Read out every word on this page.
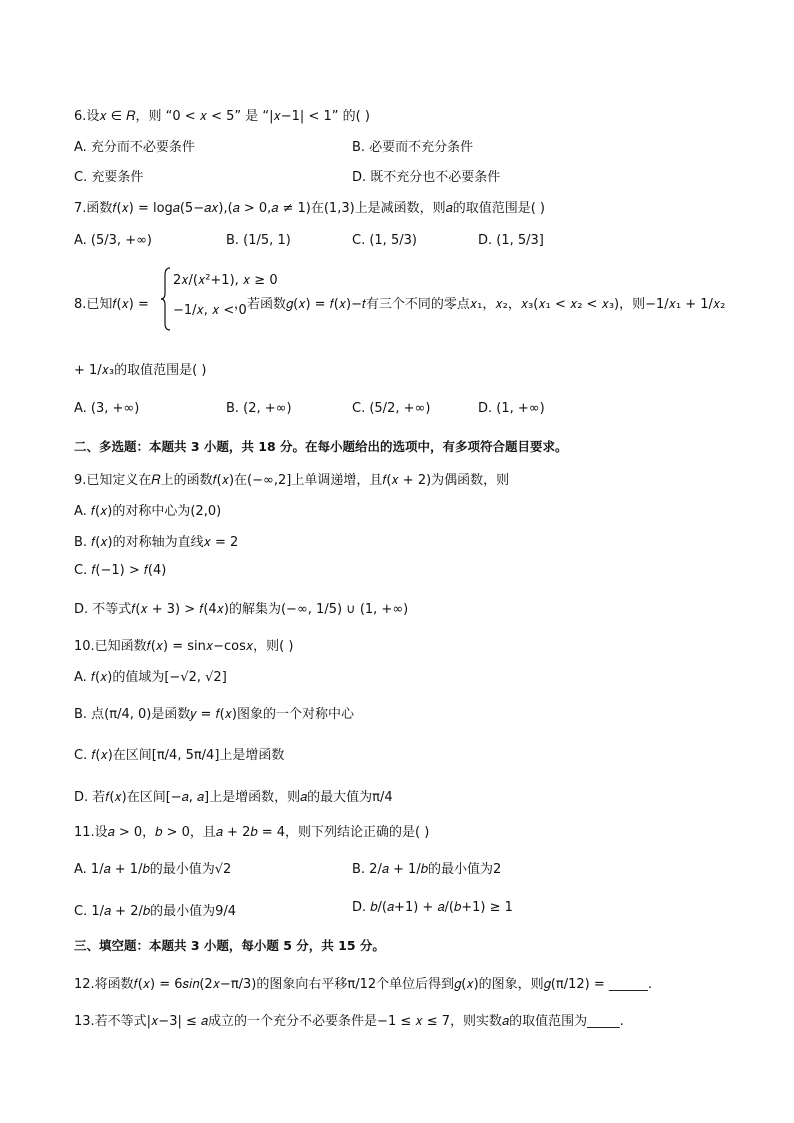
6.设𝑥 ∈ 𝑅，则 “0 < 𝑥 < 5” 是 “|𝑥−1| < 1” 的( )
A. 充分而不必要条件	B. 必要而不充分条件
C. 充要条件	D. 既不充分也不必要条件
7.函数𝑓(𝑥) = log𝑎(5−𝑎𝑥),(𝑎 > 0,𝑎 ≠ 1)在(1,3)上是减函数，则𝑎的取值范围是( )
A. (5/3, +∞)	B. (1/5, 1)	C. (1, 5/3)	D. (1, 5/3]
8.已知𝑓(𝑥) =
2𝑥/(𝑥²+1), 𝑥 ≥ 0
−1/𝑥, 𝑥 < 0
，若函数𝑔(𝑥) = 𝑓(𝑥)−𝑡有三个不同的零点𝑥₁，𝑥₂，𝑥₃(𝑥₁ < 𝑥₂ < 𝑥₃)，则−1/𝑥₁ + 1/𝑥₂
+ 1/𝑥₃的取值范围是( )
A. (3, +∞)	B. (2, +∞)	C. (5/2, +∞)	D. (1, +∞)
二、多选题：本题共 3 小题，共 18 分。在每小题给出的选项中，有多项符合题目要求。
9.已知定义在𝑅上的函数𝑓(𝑥)在(−∞,2]上单调递增，且𝑓(𝑥 + 2)为偶函数，则
A. 𝑓(𝑥)的对称中心为(2,0)
B. 𝑓(𝑥)的对称轴为直线𝑥 = 2
C. 𝑓(−1) > 𝑓(4)
D. 不等式𝑓(𝑥 + 3) > 𝑓(4𝑥)的解集为(−∞, 1/5) ∪ (1, +∞)
10.已知函数𝑓(𝑥) = sin𝑥−cos𝑥，则( )
A. 𝑓(𝑥)的值域为[−√2, √2]
B. 点(π/4, 0)是函数𝑦 = 𝑓(𝑥)图象的一个对称中心
C. 𝑓(𝑥)在区间[π/4, 5π/4]上是增函数
D. 若𝑓(𝑥)在区间[−𝑎, 𝑎]上是增函数，则𝑎的最大值为π/4
11.设𝑎 > 0，𝑏 > 0，且𝑎 + 2𝑏 = 4，则下列结论正确的是( )
A. 1/𝑎 + 1/𝑏的最小值为√2	B. 2/𝑎 + 1/𝑏的最小值为2
C. 1/𝑎 + 2/𝑏的最小值为9/4	D. 𝑏/(𝑎+1) + 𝑎/(𝑏+1) ≥ 1
三、填空题：本题共 3 小题，每小题 5 分，共 15 分。
12.将函数𝑓(𝑥) = 6𝑠𝑖𝑛(2𝑥−π/3)的图象向右平移π/12个单位后得到𝑔(𝑥)的图象，则𝑔(π/12) = ______.
13.若不等式|𝑥−3| ≤ 𝑎成立的一个充分不必要条件是−1 ≤ 𝑥 ≤ 7，则实数𝑎的取值范围为_____.
